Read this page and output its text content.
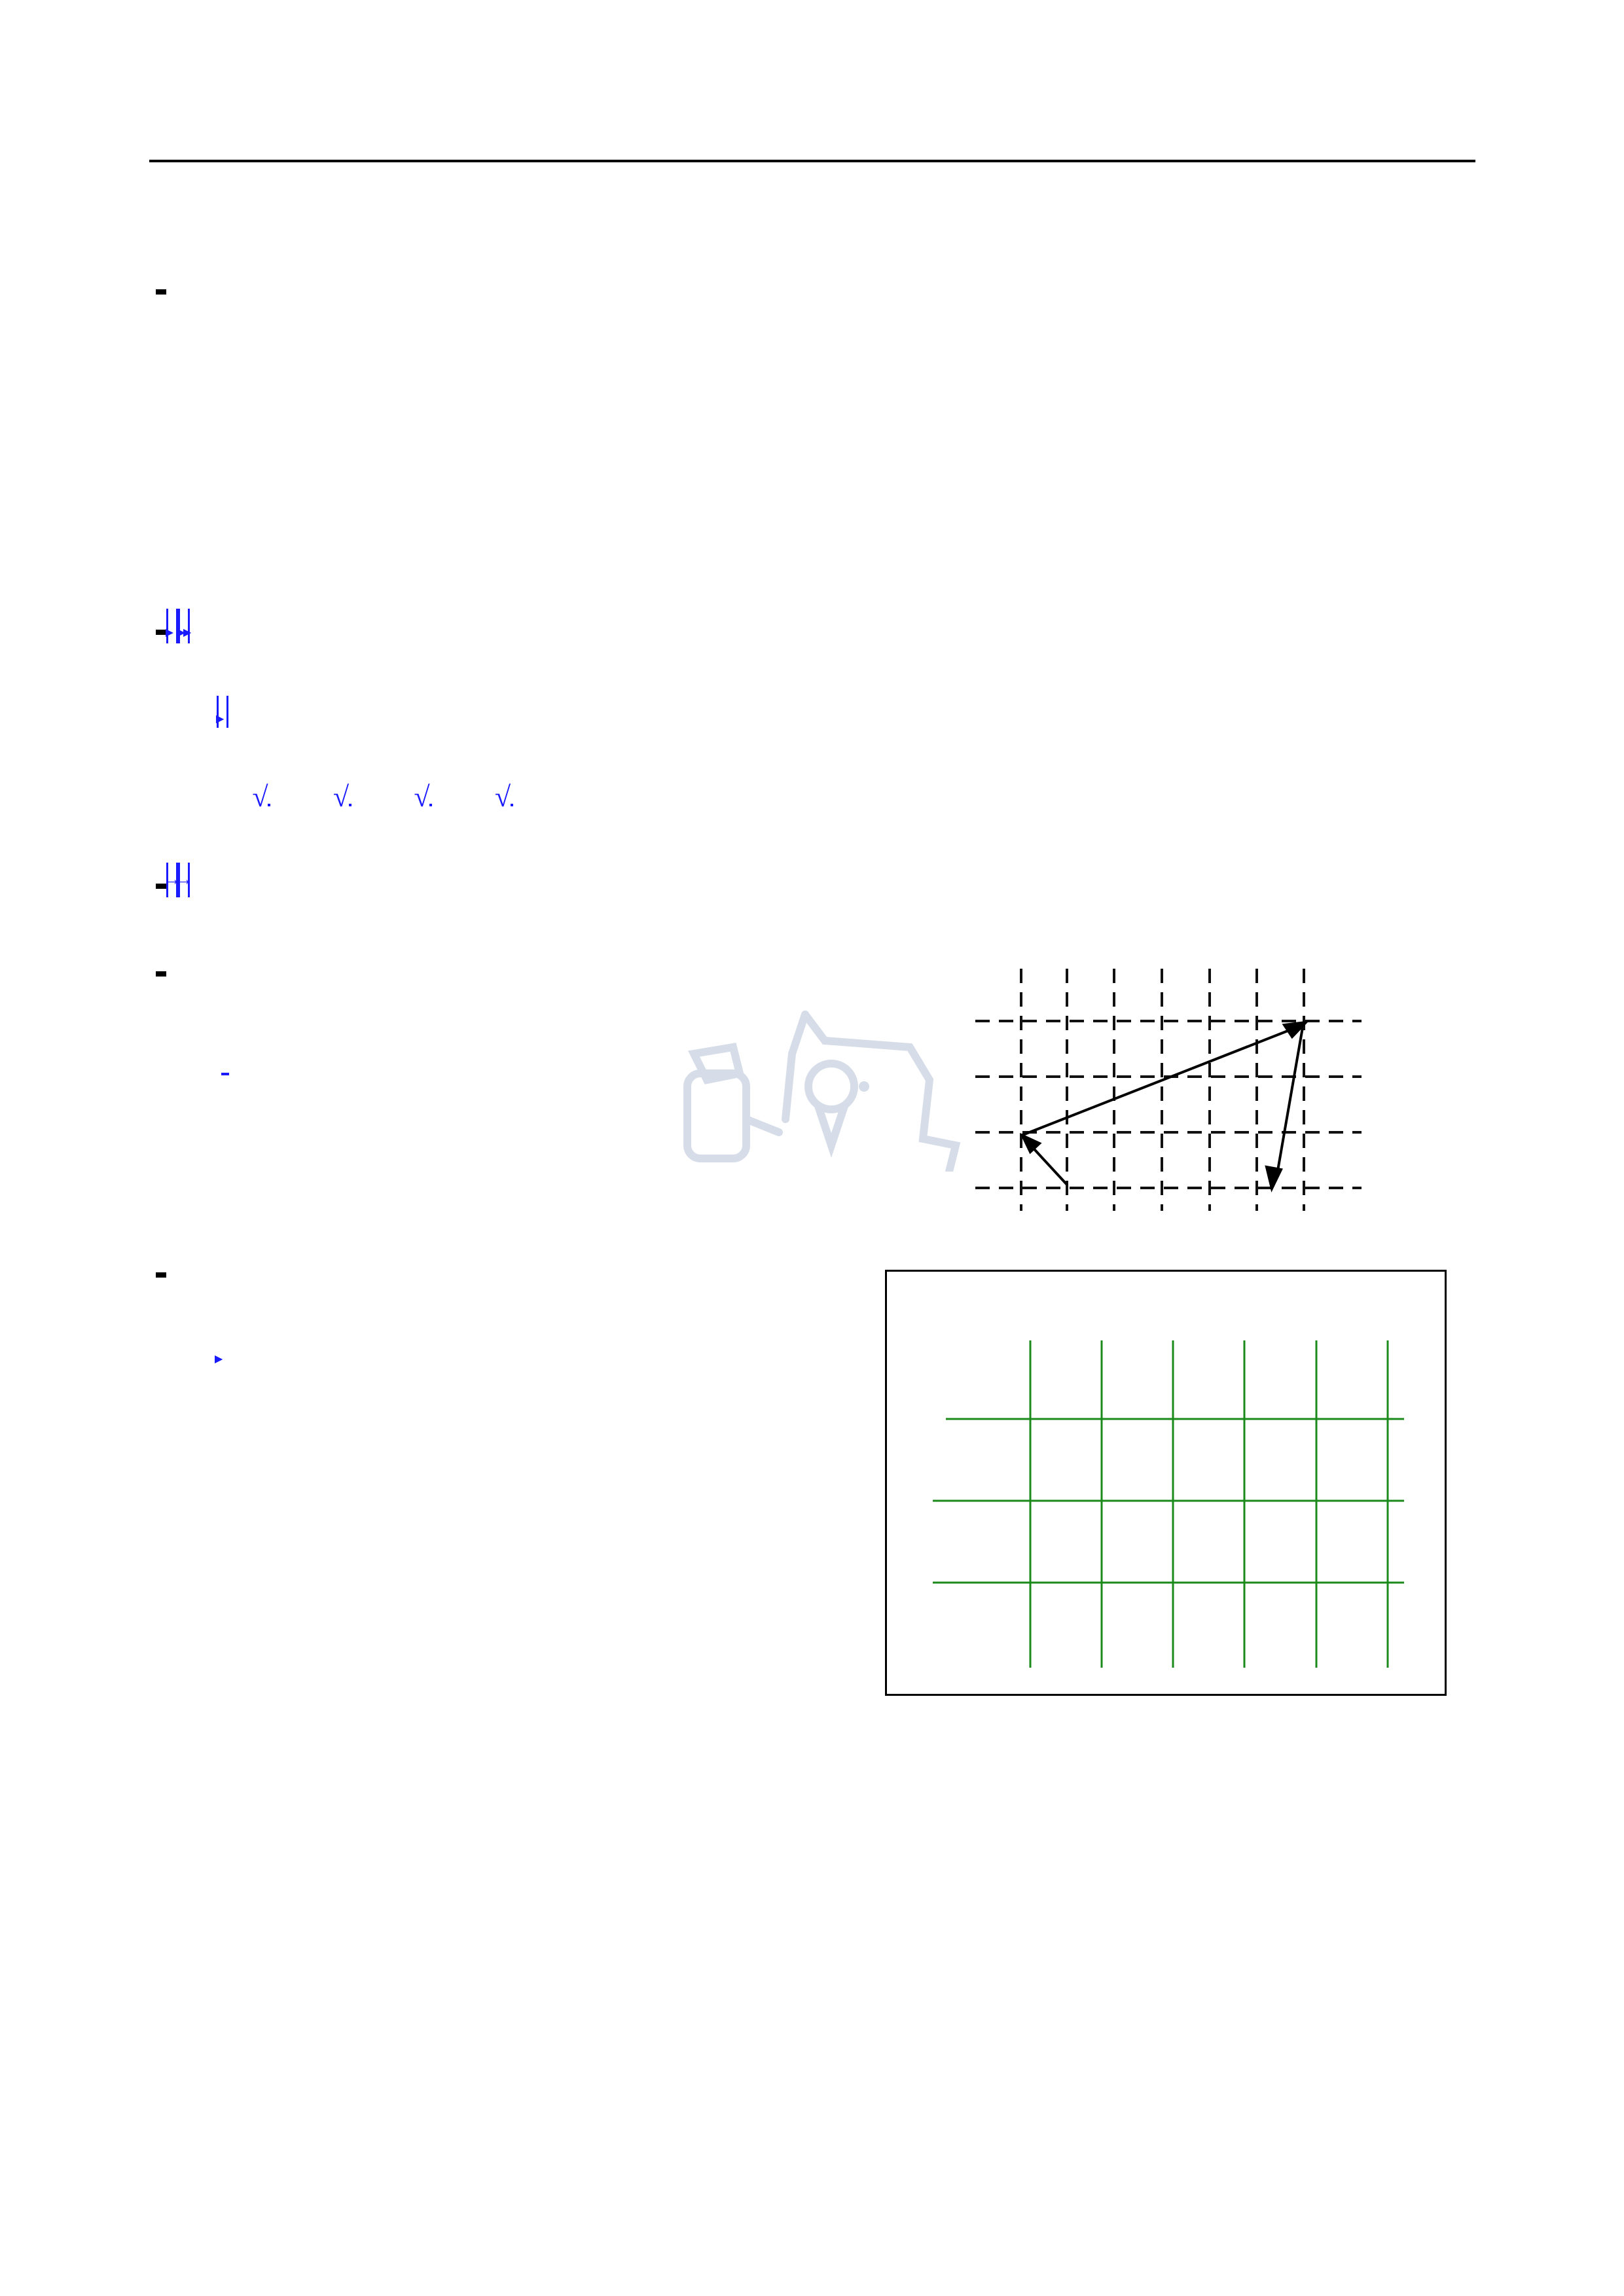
√ √ √ √
